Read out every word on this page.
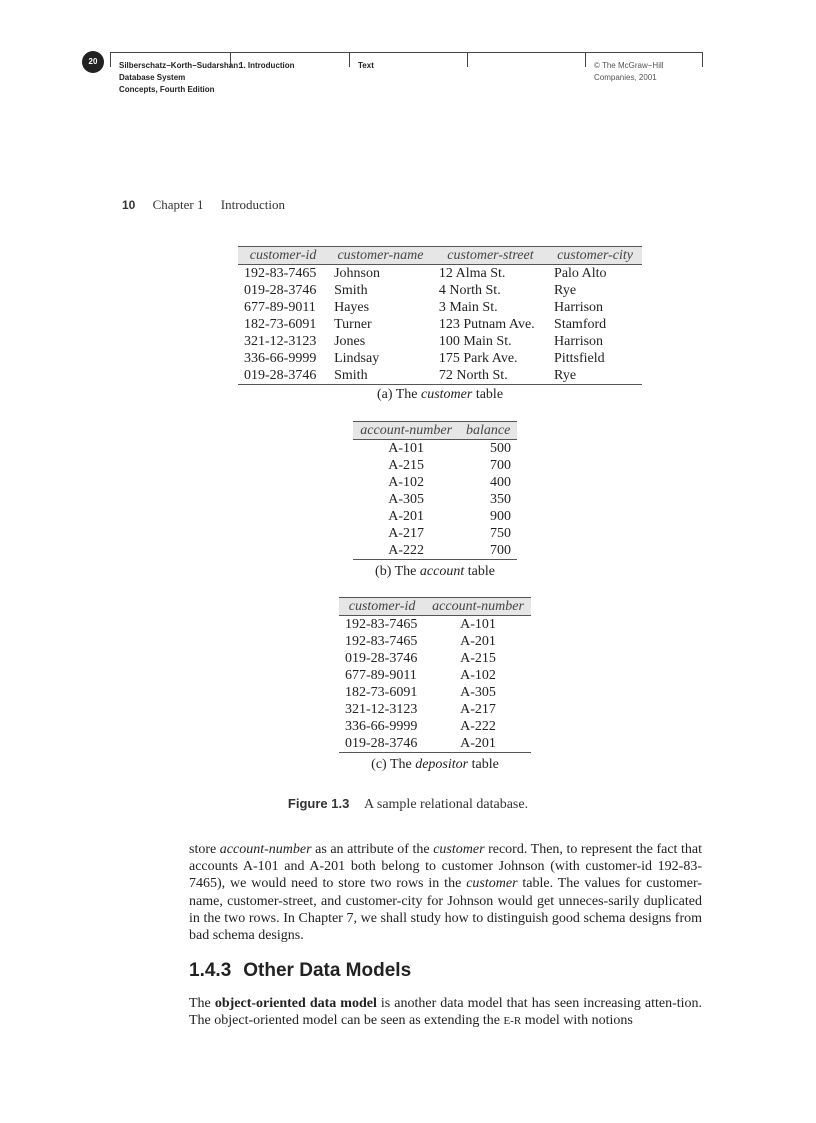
20	Silberschatz−Korth−Sudarshan:
Database System
Concepts, Fourth Edition
1. Introduction	Text	© The McGraw−Hill
Companies, 2001
10 Chapter 1 Introduction
customer-id	customer-name	customer-street	customer-city
192-83-7465	Johnson	12 Alma St.	Palo Alto
019-28-3746	Smith	4 North St.	Rye
677-89-9011	Hayes	3 Main St.	Harrison
182-73-6091	Turner	123 Putnam Ave.	Stamford
321-12-3123	Jones	100 Main St.	Harrison
336-66-9999	Lindsay	175 Park Ave.	Pittsfield
019-28-3746	Smith	72 North St.	Rye
(a) The customer table
account-number	balance
A-101	500
A-215	700
A-102	400
A-305	350
A-201	900
A-217	750
A-222	700
(b) The account table
customer-id	account-number
192-83-7465	A-101
192-83-7465	A-201
019-28-3746	A-215
677-89-9011	A-102
182-73-6091	A-305
321-12-3123	A-217
336-66-9999	A-222
019-28-3746	A-201
(c) The depositor table
Figure 1.3 A sample relational database.

store account-number as an attribute of the customer record. Then, to represent the fact that accounts A-101 and A-201 both belong to customer Johnson (with customer-id 192-83-7465), we would need to store two rows in the customer table. The values for customer-name, customer-street, and customer-city for Johnson would get unneces-sarily duplicated in the two rows. In Chapter 7, we shall study how to distinguish good schema designs from bad schema designs.

1.4.3 Other Data Models

The object-oriented data model is another data model that has seen increasing atten-tion. The object-oriented model can be seen as extending the E-R model with notions
